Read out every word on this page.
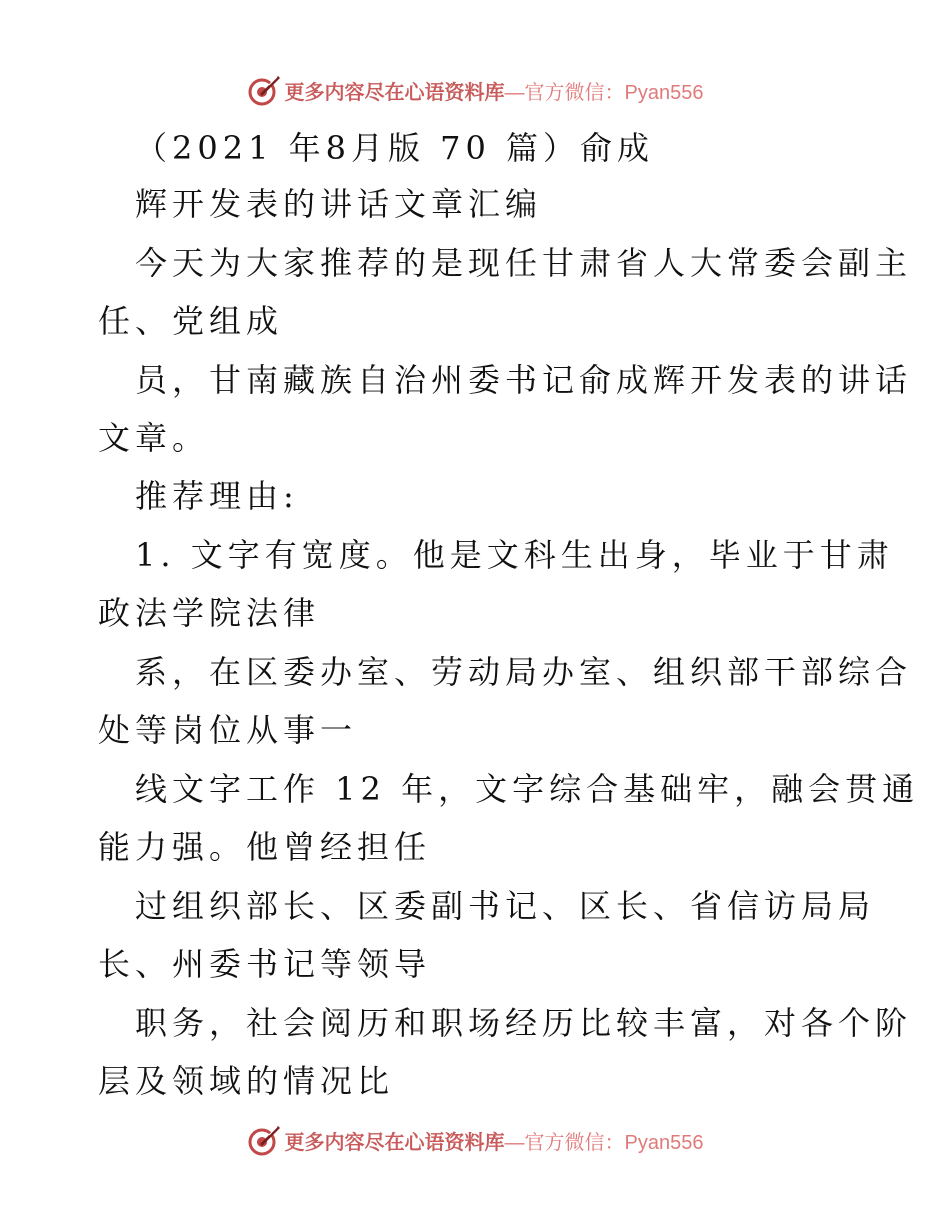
更多内容尽在心语资料库 —官方微信：Pyan556
（2021 年8月版 70 篇）俞成
辉开发表的讲话文章汇编
今天为大家推荐的是现任甘肃省人大常委会副主
任、党组成
员，甘南藏族自治州委书记俞成辉开发表的讲话
文章。
推荐理由:
1. 文字有宽度。他是文科生出身，毕业于甘肃
政法学院法律
系，在区委办室、劳动局办室、组织部干部综合
处等岗位从事一
线文字工作 12 年，文字综合基础牢，融会贯通
能力强。他曾经担任
过组织部长、区委副书记、区长、省信访局局
长、州委书记等领导
职务，社会阅历和职场经历比较丰富，对各个阶
层及领域的情况比
更多内容尽在心语资料库 —官方微信：Pyan556
